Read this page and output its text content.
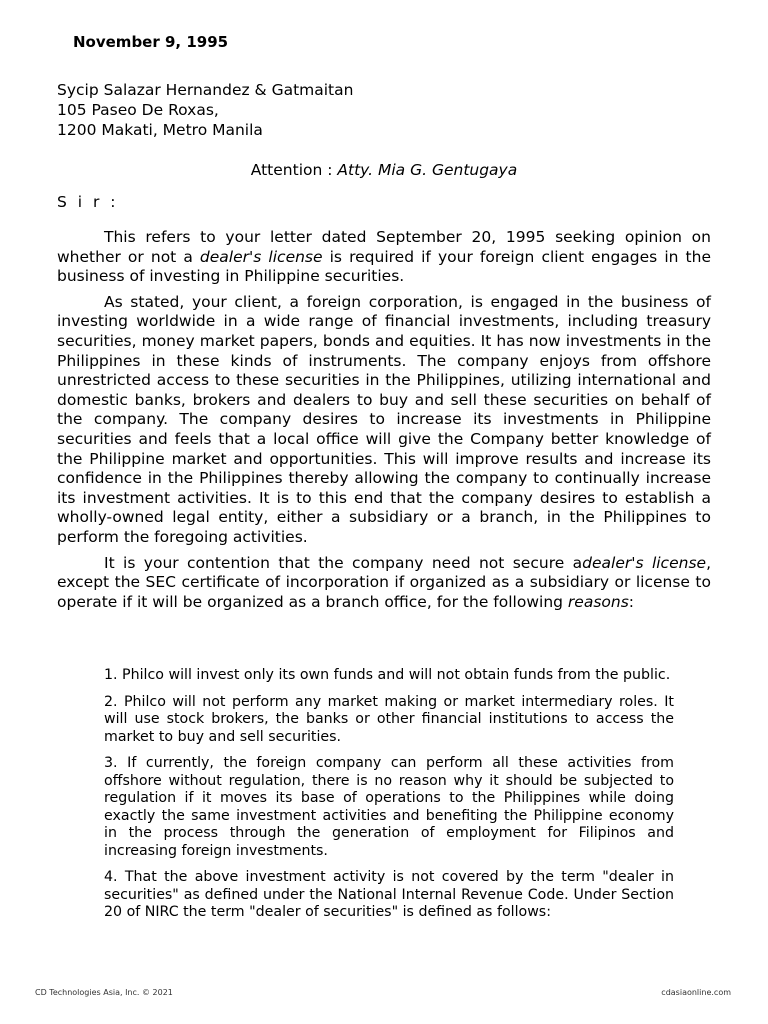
November 9, 1995
Sycip Salazar Hernandez & Gatmaitan
105 Paseo De Roxas,
1200 Makati, Metro Manila
Attention : Atty. Mia G. Gentugaya
S i r :

This refers to your letter dated September 20, 1995 seeking opinion on whether or not a dealer's license is required if your foreign client engages in the business of investing in Philippine securities.

As stated, your client, a foreign corporation, is engaged in the business of investing worldwide in a wide range of financial investments, including treasury securities, money market papers, bonds and equities. It has now investments in the Philippines in these kinds of instruments. The company enjoys from offshore unrestricted access to these securities in the Philippines, utilizing international and domestic banks, brokers and dealers to buy and sell these securities on behalf of the company. The company desires to increase its investments in Philippine securities and feels that a local office will give the Company better knowledge of the Philippine market and opportunities. This will improve results and increase its confidence in the Philippines thereby allowing the company to continually increase its investment activities. It is to this end that the company desires to establish a wholly-owned legal entity, either a subsidiary or a branch, in the Philippines to perform the foregoing activities.

It is your contention that the company need not secure adealer's license, except the SEC certificate of incorporation if organized as a subsidiary or license to operate if it will be organized as a branch office, for the following reasons:

1. Philco will invest only its own funds and will not obtain funds from the public.

2. Philco will not perform any market making or market intermediary roles. It will use stock brokers, the banks or other financial institutions to access the market to buy and sell securities.

3. If currently, the foreign company can perform all these activities from offshore without regulation, there is no reason why it should be subjected to regulation if it moves its base of operations to the Philippines while doing exactly the same investment activities and benefiting the Philippine economy in the process through the generation of employment for Filipinos and increasing foreign investments.

4. That the above investment activity is not covered by the term "dealer in securities" as defined under the National Internal Revenue Code. Under Section 20 of NIRC the term "dealer of securities" is defined as follows:

CD Technologies Asia, Inc. © 2021	cdasiaonline.com
